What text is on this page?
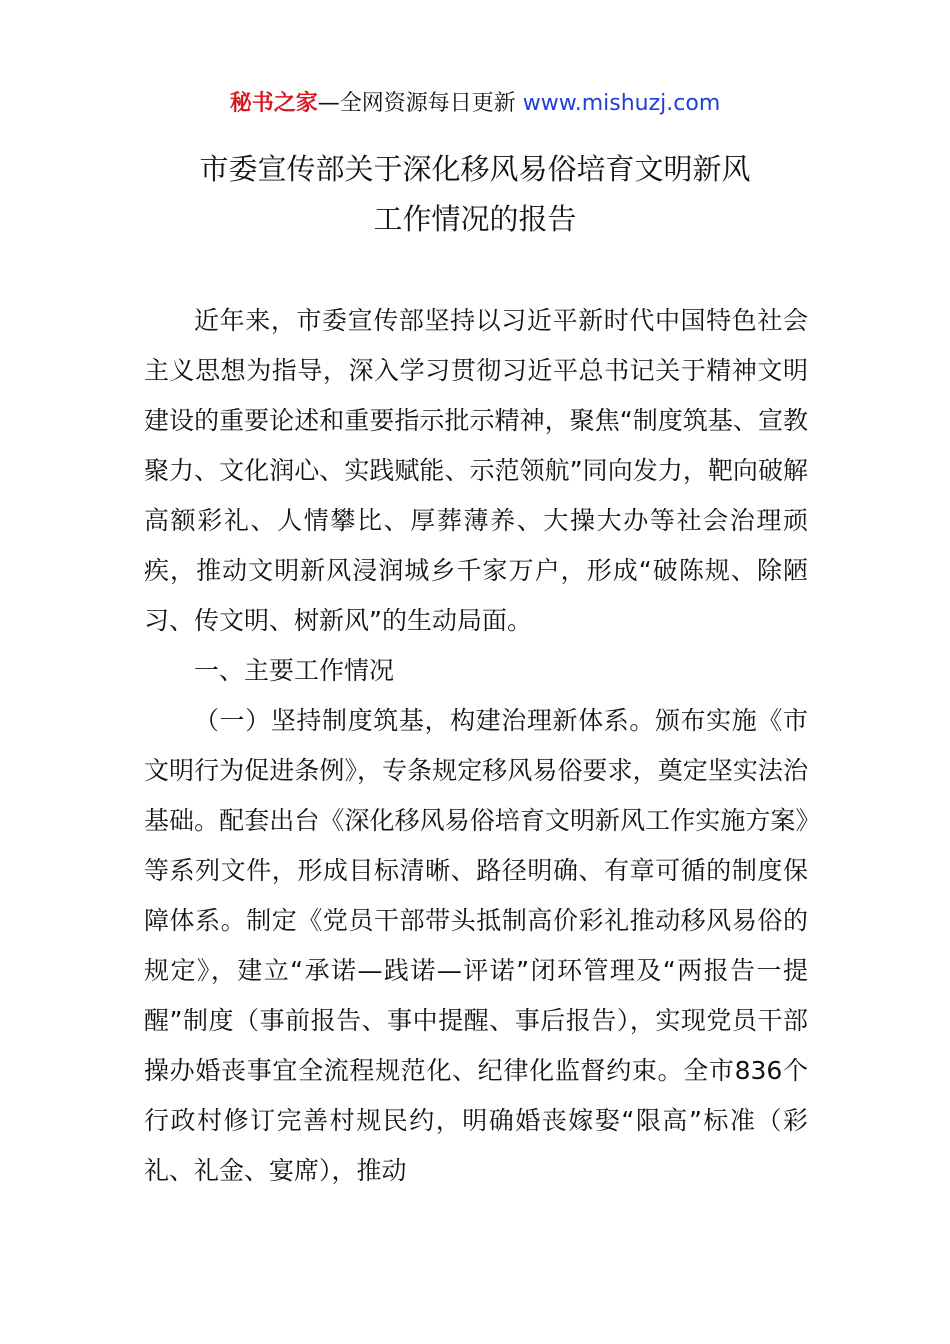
秘书之家—全网资源每日更新 www.mishuzj.com
市委宣传部关于深化移风易俗培育文明新风
工作情况的报告

近年来，市委宣传部坚持以习近平新时代中国特色社会主义思想为指导，深入学习贯彻习近平总书记关于精神文明建设的重要论述和重要指示批示精神，聚焦“制度筑基、宣教聚力、文化润心、实践赋能、示范领航”同向发力，靶向破解高额彩礼、人情攀比、厚葬薄养、大操大办等社会治理顽疾，推动文明新风浸润城乡千家万户，形成“破陈规、除陋习、传文明、树新风”的生动局面。

一、主要工作情况

（一）坚持制度筑基，构建治理新体系。颁布实施《市文明行为促进条例》，专条规定移风易俗要求，奠定坚实法治基础。配套出台《深化移风易俗培育文明新风工作实施方案》等系列文件，形成目标清晰、路径明确、有章可循的制度保障体系。制定《党员干部带头抵制高价彩礼推动移风易俗的规定》，建立“承诺—践诺—评诺”闭环管理及“两报告一提醒”制度（事前报告、事中提醒、事后报告），实现党员干部操办婚丧事宜全流程规范化、纪律化监督约束。全市836个行政村修订完善村规民约，明确婚丧嫁娶“限高”标准（彩礼、礼金、宴席），推动
